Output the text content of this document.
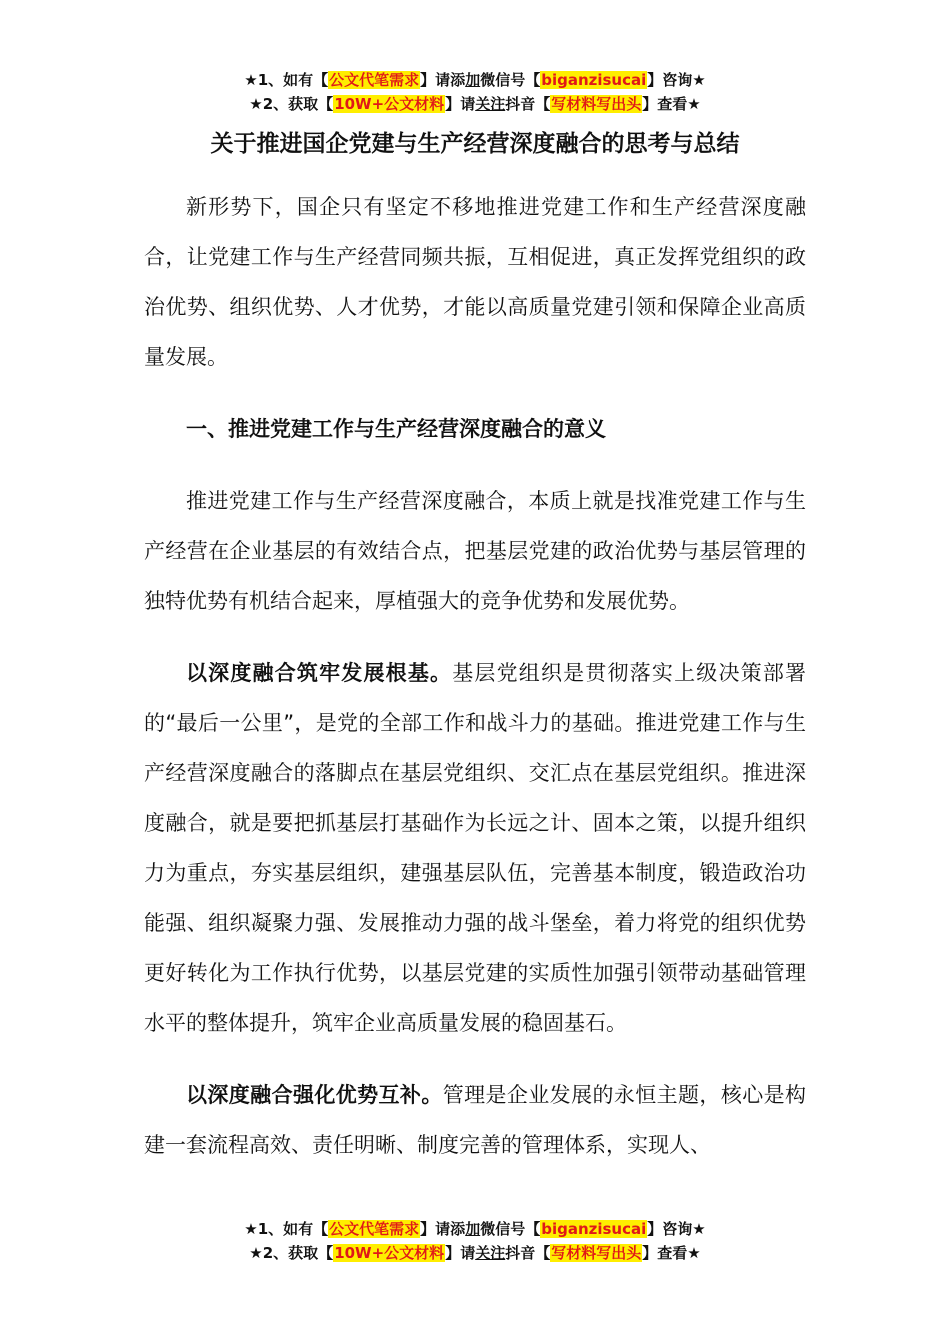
★1、如有【公文代笔需求】请添加微信号【biganzisucai】咨询★
★2、获取【10W+公文材料】请关注抖音【写材料写出头】查看★
关于推进国企党建与生产经营深度融合的思考与总结

新形势下，国企只有坚定不移地推进党建工作和生产经营深度融合，让党建工作与生产经营同频共振，互相促进，真正发挥党组织的政治优势、组织优势、人才优势，才能以高质量党建引领和保障企业高质量发展。

一、推进党建工作与生产经营深度融合的意义

推进党建工作与生产经营深度融合，本质上就是找准党建工作与生产经营在企业基层的有效结合点，把基层党建的政治优势与基层管理的独特优势有机结合起来，厚植强大的竞争优势和发展优势。

以深度融合筑牢发展根基。基层党组织是贯彻落实上级决策部署的“最后一公里”，是党的全部工作和战斗力的基础。推进党建工作与生产经营深度融合的落脚点在基层党组织、交汇点在基层党组织。推进深度融合，就是要把抓基层打基础作为长远之计、固本之策，以提升组织力为重点，夯实基层组织，建强基层队伍，完善基本制度，锻造政治功能强、组织凝聚力强、发展推动力强的战斗堡垒，着力将党的组织优势更好转化为工作执行优势，以基层党建的实质性加强引领带动基础管理水平的整体提升，筑牢企业高质量发展的稳固基石。

以深度融合强化优势互补。管理是企业发展的永恒主题，核心是构建一套流程高效、责任明晰、制度完善的管理体系，实现人、

★1、如有【公文代笔需求】请添加微信号【biganzisucai】咨询★
★2、获取【10W+公文材料】请关注抖音【写材料写出头】查看★
